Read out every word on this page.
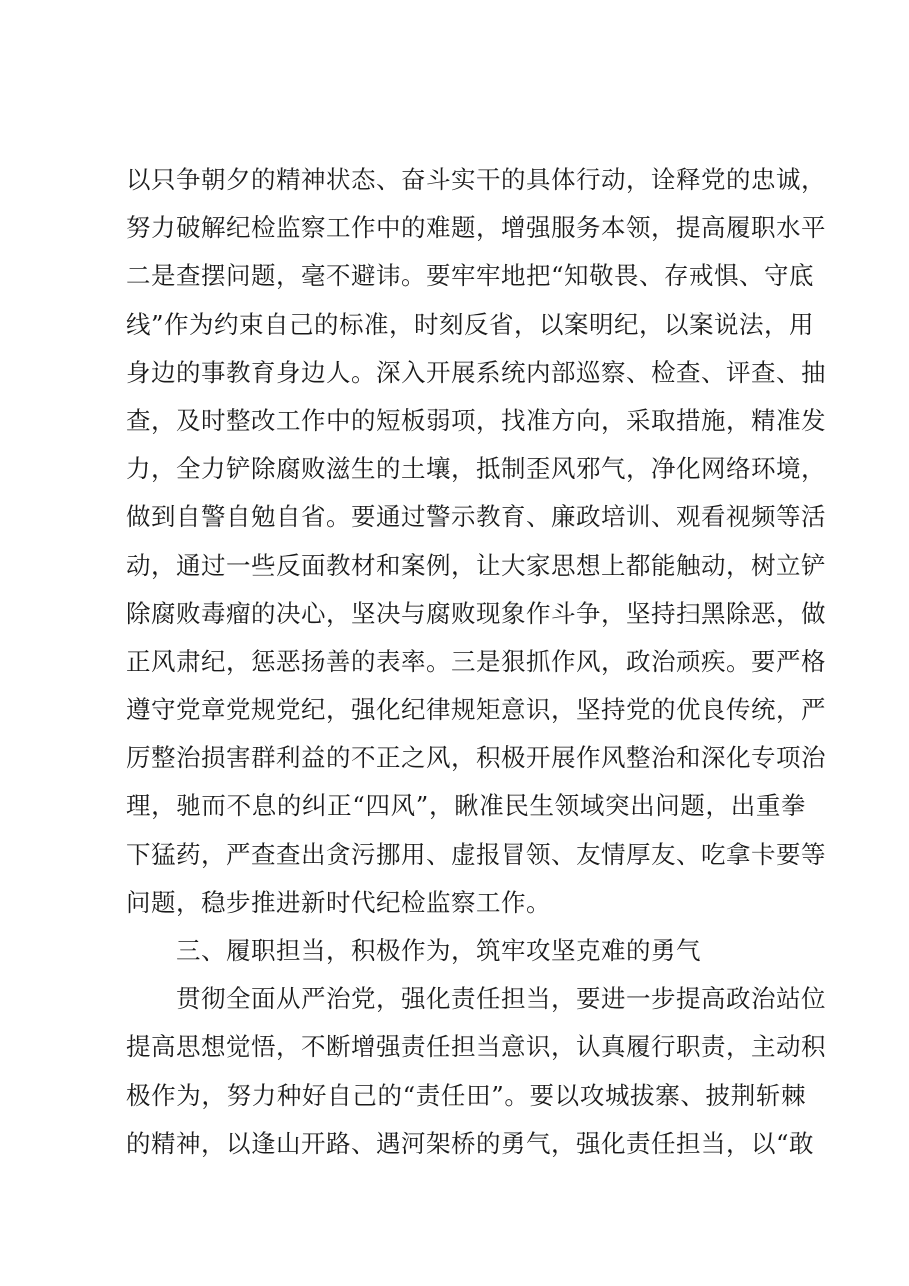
以只争朝夕的精神状态、奋斗实干的具体行动，诠释党的忠诚，
努力破解纪检监察工作中的难题，增强服务本领，提高履职水平
二是查摆问题，毫不避讳。要牢牢地把“知敬畏、存戒惧、守底
线”作为约束自己的标准，时刻反省，以案明纪，以案说法，用
身边的事教育身边人。深入开展系统内部巡察、检查、评查、抽
查，及时整改工作中的短板弱项，找准方向，采取措施，精准发
力，全力铲除腐败滋生的土壤，抵制歪风邪气，净化网络环境，
做到自警自勉自省。要通过警示教育、廉政培训、观看视频等活
动，通过一些反面教材和案例，让大家思想上都能触动，树立铲
除腐败毒瘤的决心，坚决与腐败现象作斗争，坚持扫黑除恶，做
正风肃纪，惩恶扬善的表率。三是狠抓作风，政治顽疾。要严格
遵守党章党规党纪，强化纪律规矩意识，坚持党的优良传统，严
厉整治损害群利益的不正之风，积极开展作风整治和深化专项治
理，驰而不息的纠正“四风”，瞅准民生领域突出问题，出重拳
下猛药，严查查出贪污挪用、虚报冒领、友情厚友、吃拿卡要等
问题，稳步推进新时代纪检监察工作。
三、履职担当，积极作为，筑牢攻坚克难的勇气
贯彻全面从严治党，强化责任担当，要进一步提高政治站位
提高思想觉悟，不断增强责任担当意识，认真履行职责，主动积
极作为，努力种好自己的“责任田”。要以攻城拔寨、披荆斩棘
的精神，以逢山开路、遇河架桥的勇气，强化责任担当，以“敢
